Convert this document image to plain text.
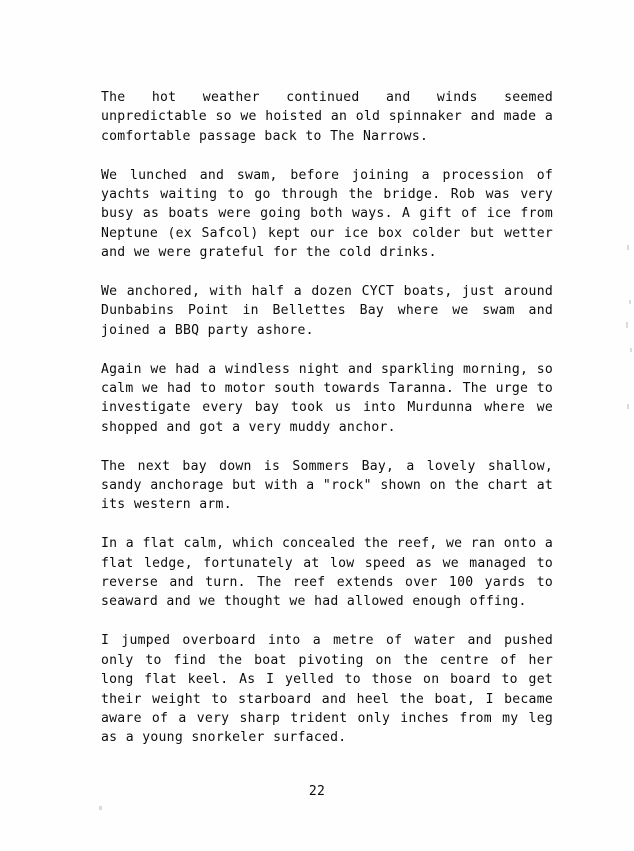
The hot weather continued and winds seemed unpredictable so we hoisted an old spinnaker and made a comfortable passage back to The Narrows.

We lunched and swam, before joining a procession of yachts waiting to go through the bridge. Rob was very busy as boats were going both ways. A gift of ice from Neptune (ex Safcol) kept our ice box colder but wetter and we were grateful for the cold drinks.

We anchored, with half a dozen CYCT boats, just around Dunbabins Point in Bellettes Bay where we swam and joined a BBQ party ashore.

Again we had a windless night and sparkling morning, so calm we had to motor south towards Taranna. The urge to investigate every bay took us into Murdunna where we shopped and got a very muddy anchor.

The next bay down is Sommers Bay, a lovely shallow, sandy anchorage but with a "rock" shown on the chart at its western arm.

In a flat calm, which concealed the reef, we ran onto a flat ledge, fortunately at low speed as we managed to reverse and turn. The reef extends over 100 yards to seaward and we thought we had allowed enough offing.

I jumped overboard into a metre of water and pushed only to find the boat pivoting on the centre of her long flat keel. As I yelled to those on board to get their weight to starboard and heel the boat, I became aware of a very sharp trident only inches from my leg as a young snorkeler surfaced.

22
